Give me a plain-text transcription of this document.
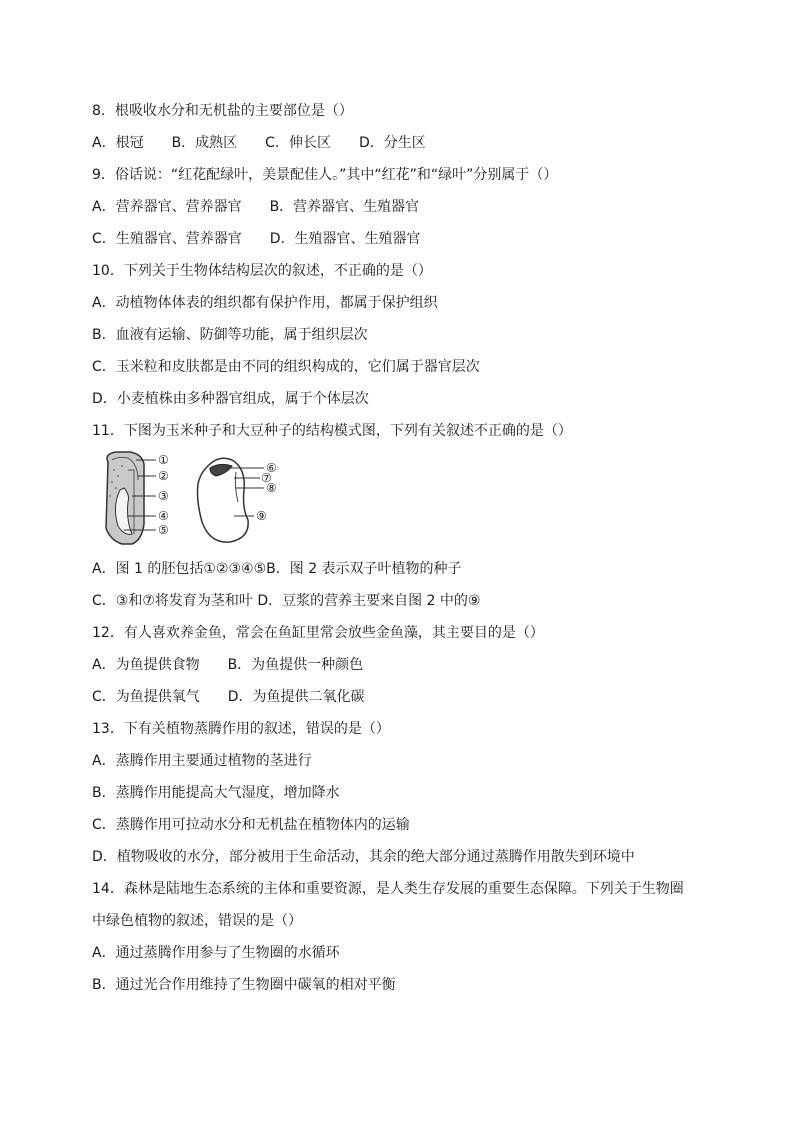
8．根吸收水分和无机盐的主要部位是（）
A．根冠　　B．成熟区　　C．伸长区　　D．分生区
9．俗话说：“红花配绿叶，美景配佳人。”其中“红花”和“绿叶”分别属于（）
A．营养器官、营养器官　　B．营养器官、生殖器官
C．生殖器官、营养器官　　D．生殖器官、生殖器官
10．下列关于生物体结构层次的叙述，不正确的是（）
A．动植物体体表的组织都有保护作用，都属于保护组织
B．血液有运输、防御等功能，属于组织层次
C．玉米粒和皮肤都是由不同的组织构成的，它们属于器官层次
D．小麦植株由多种器官组成，属于个体层次
11．下图为玉米种子和大豆种子的结构模式图，下列有关叙述不正确的是（）
①
②
③
④
⑤
⑥
⑦
⑧
⑨
A．图 1 的胚包括①②③④⑤B．图 2 表示双子叶植物的种子
C．③和⑦将发育为茎和叶 D．豆浆的营养主要来自图 2 中的⑨
12．有人喜欢养金鱼，常会在鱼缸里常会放些金鱼藻，其主要目的是（）
A．为鱼提供食物　　B．为鱼提供一种颜色
C．为鱼提供氧气　　D．为鱼提供二氧化碳
13．下有关植物蒸腾作用的叙述，错误的是（）
A．蒸腾作用主要通过植物的茎进行
B．蒸腾作用能提高大气湿度，增加降水
C．蒸腾作用可拉动水分和无机盐在植物体内的运输
D．植物吸收的水分，部分被用于生命活动，其余的绝大部分通过蒸腾作用散失到环境中
14．森林是陆地生态系统的主体和重要资源，是人类生存发展的重要生态保障。下列关于生物圈
中绿色植物的叙述，错误的是（）
A．通过蒸腾作用参与了生物圈的水循环
B．通过光合作用维持了生物圈中碳氧的相对平衡
